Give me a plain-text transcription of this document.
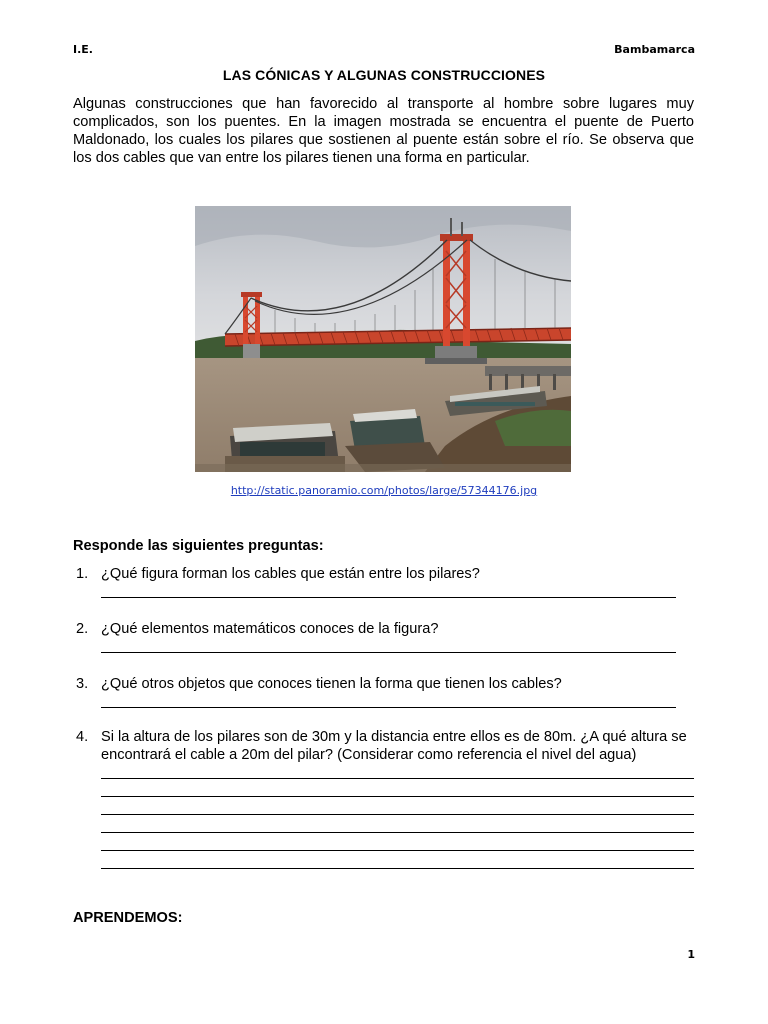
I.E.	Bambamarca
LAS CÓNICAS Y ALGUNAS CONSTRUCCIONES

Algunas construcciones que han favorecido al transporte al hombre sobre lugares muy complicados, son los puentes. En la imagen mostrada se encuentra el puente de Puerto Maldonado, los cuales los pilares que sostienen al puente están sobre el río. Se observa que los dos cables que van entre los pilares tienen una forma en particular.

http://static.panoramio.com/photos/large/57344176.jpg
Responde las siguientes preguntas:
1. ¿Qué figura forman los cables que están entre los pilares?
2. ¿Qué elementos matemáticos conoces de la figura?
3. ¿Qué otros objetos que conoces tienen la forma que tienen los cables?
4. Si la altura de los pilares son de 30m y la distancia entre ellos es de 80m. ¿A qué altura se encontrará el cable a 20m del pilar? (Considerar como referencia el nivel del agua)
APRENDEMOS:
1
